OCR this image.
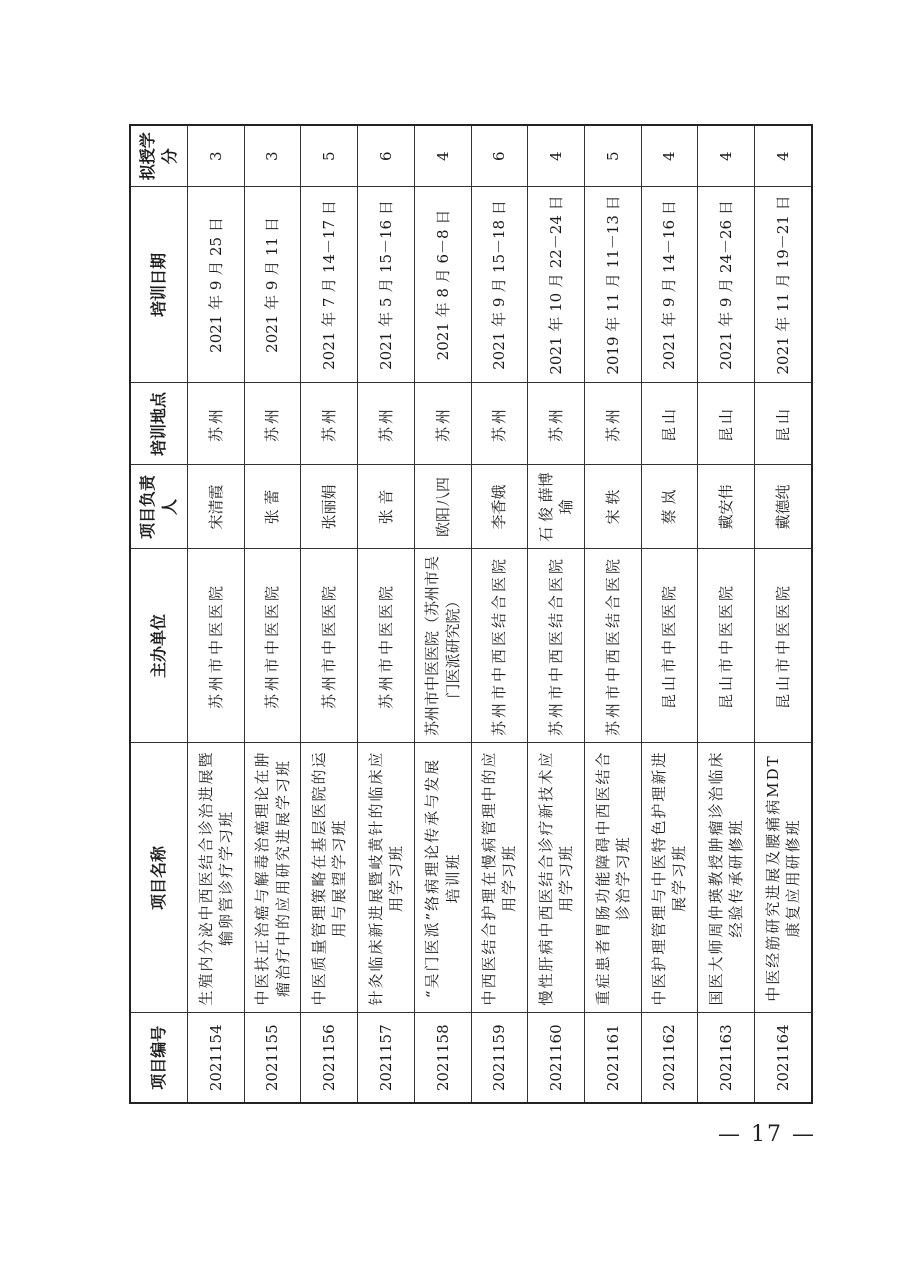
项目编号	项目名称	主办单位	项目负责人	培训地点	培训日期	拟授学分
2021154	生殖内分泌中西医结合诊治进展暨输卵管诊疗学习班	苏州市中医医院	宋清霞	苏州	2021 年 9 月 25 日	3
2021155	中医扶正治癌与解毒治癌理论在肿瘤治疗中的应用研究进展学习班	苏州市中医医院	张 蕾	苏州	2021 年 9 月 11 日	3
2021156	中医质量管理策略在基层医院的运用与展望学习班	苏州市中医医院	张丽娟	苏州	2021 年 7 月 14－17 日	5
2021157	针灸临床新进展暨岐黄针的临床应用学习班	苏州市中医医院	张 音	苏州	2021 年 5 月 15－16 日	6
2021158	“吴门医派”络病理论传承与发展培训班	苏州市中医医院（苏州市吴门医派研究院）	欧阳八四	苏州	2021 年 8 月 6－8 日	4
2021159	中西医结合护理在慢病管理中的应用学习班	苏州市中西医结合医院	李香娥	苏州	2021 年 9 月 15－18 日	6
2021160	慢性肝病中西医结合诊疗新技术应用学习班	苏州市中西医结合医院	石 俊 薛博瑜	苏州	2021 年 10 月 22－24 日	4
2021161	重症患者胃肠功能障碍中西医结合诊治学习班	苏州市中西医结合医院	宋 轶	苏州	2019 年 11 月 11－13 日	5
2021162	中医护理管理与中医特色护理新进展学习班	昆山市中医医院	蔡 岚	昆山	2021 年 9 月 14－16 日	4
2021163	国医大师周仲瑛教授肿瘤诊治临床经验传承研修班	昆山市中医医院	戴安伟	昆山	2021 年 9 月 24－26 日	4
2021164	中医经筋研究进展及腰痛病MDT康复应用研修班	昆山市中医医院	戴德纯	昆山	2021 年 11 月 19－21 日	4
— 17 —
